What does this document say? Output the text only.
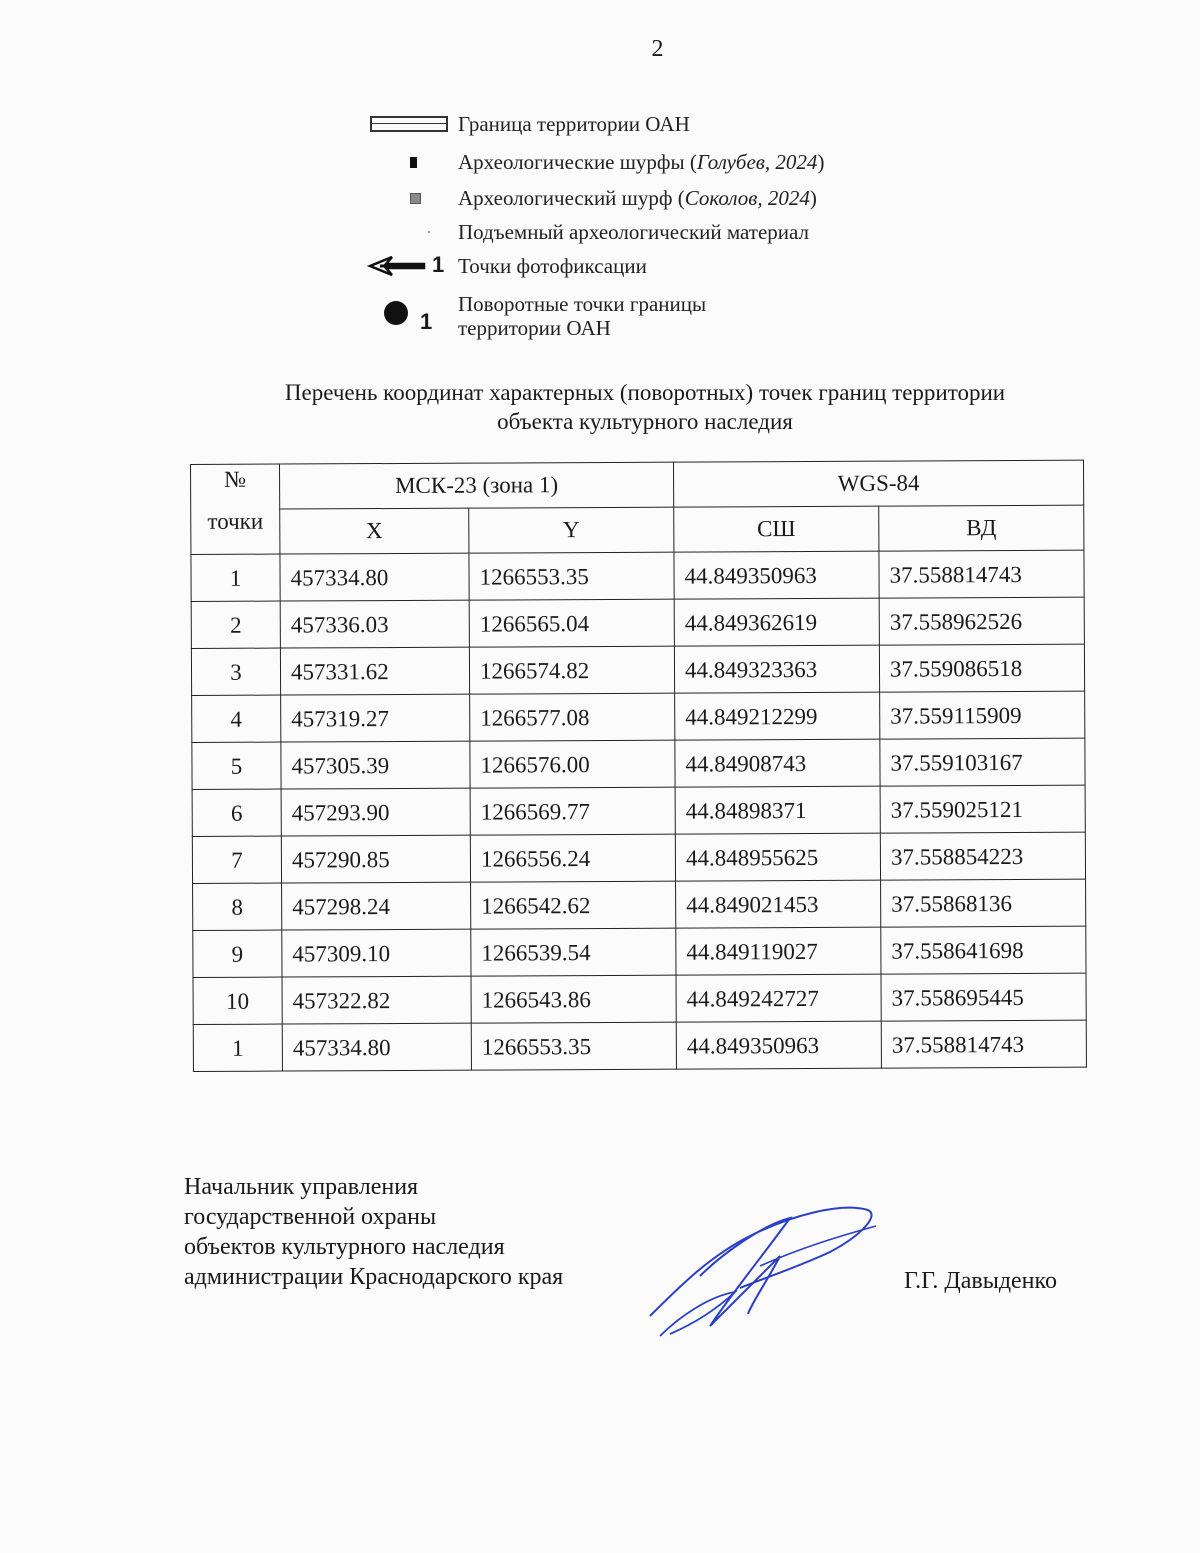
2
Граница территории ОАН
Археологические шурфы (Голубев, 2024)
Археологический шурф (Соколов, 2024)
Подъемный археологический материал
1 Точки фотофиксации
1
Поворотные точки границы
территории ОАН
Перечень координат характерных (поворотных) точек границ территории
объекта культурного наследия
№
точки	МСК-23 (зона 1)		WGS-84	
	X	Y	СШ	ВД
1	457334.80	1266553.35	44.849350963	37.558814743
2	457336.03	1266565.04	44.849362619	37.558962526
3	457331.62	1266574.82	44.849323363	37.559086518
4	457319.27	1266577.08	44.849212299	37.559115909
5	457305.39	1266576.00	44.84908743	37.559103167
6	457293.90	1266569.77	44.84898371	37.559025121
7	457290.85	1266556.24	44.848955625	37.558854223
8	457298.24	1266542.62	44.849021453	37.55868136
9	457309.10	1266539.54	44.849119027	37.558641698
10	457322.82	1266543.86	44.849242727	37.558695445
1	457334.80	1266553.35	44.849350963	37.558814743
Начальник управления
государственной охраны
объектов культурного наследия
администрации Краснодарского края	Г.Г. Давыденко
